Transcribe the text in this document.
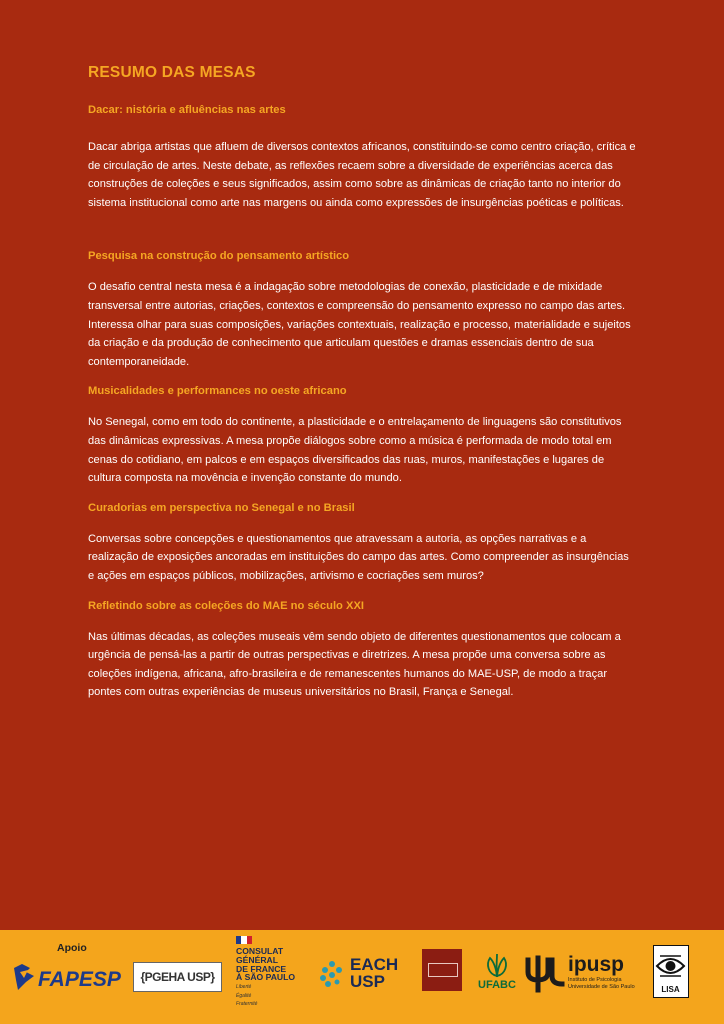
RESUMO DAS MESAS

Dacar: nistória e afluências nas artes

Dacar abriga artistas que afluem de diversos contextos africanos, constituindo-se como centro criação, crítica e de circulação de artes. Neste debate, as reflexões recaem sobre a diversidade de experiências acerca das construções de coleções e seus significados, assim como sobre as dinâmicas de criação tanto no interior do sistema institucional como arte nas margens ou ainda como expressões de insurgências poéticas e políticas.

Pesquisa na construção do pensamento artístico

O desafio central nesta mesa é a indagação sobre metodologias de conexão, plasticidade e de mixidade transversal entre autorias, criações, contextos e compreensão do pensamento expresso no campo das artes. Interessa olhar para suas composições, variações contextuais, realização e processo, materialidade e sujeitos da criação e da produção de conhecimento que articulam questões e dramas essenciais dentro de sua contemporaneidade.

Musicalidades e performances no oeste africano

No Senegal, como em todo do continente, a plasticidade e o entrelaçamento de linguagens são constitutivos das dinâmicas expressivas. A mesa propõe diálogos sobre como a música é performada de modo total em cenas do cotidiano, em palcos e em espaços diversificados das ruas, muros, manifestações e lugares de cultura composta na movência e invenção constante do mundo.

Curadorias em perspectiva no Senegal e no Brasil

Conversas sobre concepções e questionamentos que atravessam a autoria, as opções narrativas e a realização de exposições ancoradas em instituições do campo das artes. Como compreender as insurgências e ações em espaços públicos, mobilizações, artivismo e cocriações sem muros?

Refletindo sobre as coleções do MAE no século XXI

Nas últimas décadas, as coleções museais vêm sendo objeto de diferentes questionamentos que colocam a urgência de pensá-las a partir de outras perspectivas e diretrizes. A mesa propõe uma conversa sobre as coleções indígena, africana, afro-brasileira e de remanescentes humanos do MAE-USP, de modo a traçar pontes com outras experiências de museus universitários no Brasil, França e Senegal.

Apoio
FAPESP	{PGEHA USP}
CONSULAT
GÉNÉRAL
DE FRANCE
À SÃO PAULO
Liberté
Égalité
Fraternité
EACH
USP	UFABC
ipusp
Instituto de Psicologia
Universidade de São Paulo	LISA
